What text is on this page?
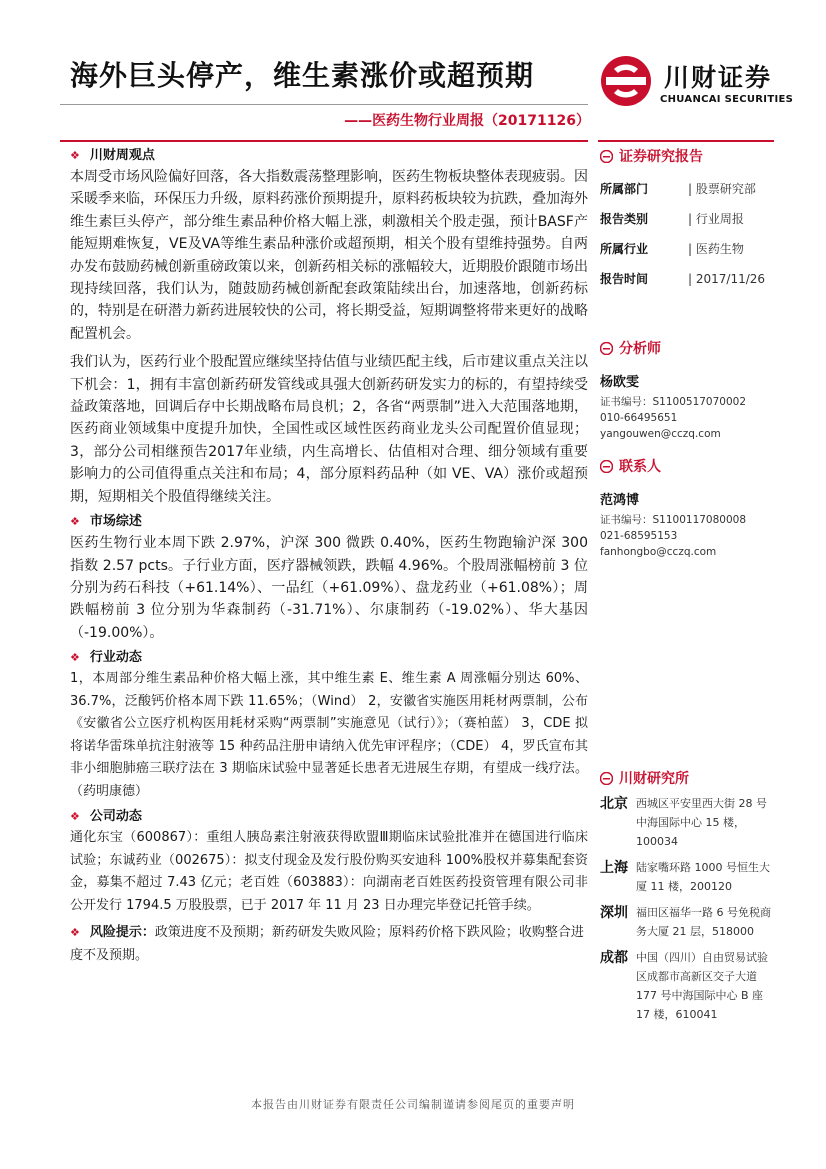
海外巨头停产，维生素涨价或超预期
——医药生物行业周报（20171126）
川财证券
CHUANCAI SECURITIES
❖ 川财周观点

本周受市场风险偏好回落，各大指数震荡整理影响，医药生物板块整体表现疲弱。因采暖季来临，环保压力升级，原料药涨价预期提升，原料药板块较为抗跌，叠加海外维生素巨头停产，部分维生素品种价格大幅上涨，刺激相关个股走强，预计BASF产能短期难恢复，VE及VA等维生素品种涨价或超预期，相关个股有望维持强势。自两办发布鼓励药械创新重磅政策以来，创新药相关标的涨幅较大，近期股价跟随市场出现持续回落，我们认为，随鼓励药械创新配套政策陆续出台，加速落地，创新药标的，特别是在研潜力新药进展较快的公司，将长期受益，短期调整将带来更好的战略配置机会。

我们认为，医药行业个股配置应继续坚持估值与业绩匹配主线，后市建议重点关注以下机会：1，拥有丰富创新药研发管线或具强大创新药研发实力的标的，有望持续受益政策落地，回调后存中长期战略布局良机；2，各省“两票制”进入大范围落地期，医药商业领域集中度提升加快，全国性或区域性医药商业龙头公司配置价值显现；3，部分公司相继预告2017年业绩，内生高增长、估值相对合理、细分领域有重要影响力的公司值得重点关注和布局；4，部分原料药品种（如 VE、VA）涨价或超预期，短期相关个股值得继续关注。

❖ 市场综述

医药生物行业本周下跌 2.97%，沪深 300 微跌 0.40%，医药生物跑输沪深 300 指数 2.57 pcts。子行业方面，医疗器械领跌，跌幅 4.96%。个股周涨幅榜前 3 位分别为药石科技（+61.14%）、一品红（+61.09%）、盘龙药业（+61.08%）；周跌幅榜前 3 位分别为华森制药（-31.71%）、尔康制药（-19.02%）、华大基因（-19.00%）。

❖ 行业动态

1，本周部分维生素品种价格大幅上涨，其中维生素 E、维生素 A 周涨幅分别达 60%、36.7%，泛酸钙价格本周下跌 11.65%；（Wind） 2，安徽省实施医用耗材两票制，公布《安徽省公立医疗机构医用耗材采购“两票制”实施意见（试行）》；（赛柏蓝） 3，CDE 拟将诺华雷珠单抗注射液等 15 种药品注册申请纳入优先审评程序；（CDE） 4，罗氏宣布其非小细胞肺癌三联疗法在 3 期临床试验中显著延长患者无进展生存期，有望成一线疗法。（药明康德）

❖ 公司动态

通化东宝（600867）：重组人胰岛素注射液获得欧盟Ⅲ期临床试验批准并在德国进行临床试验；东诚药业（002675）：拟支付现金及发行股份购买安迪科 100%股权并募集配套资金，募集不超过 7.43 亿元；老百姓（603883）：向湖南老百姓医药投资管理有限公司非公开发行 1794.5 万股股票，已于 2017 年 11 月 23 日办理完毕登记托管手续。

❖ 风险提示：政策进度不及预期；新药研发失败风险；原料药价格下跌风险；收购整合进度不及预期。
证券研究报告
所属部门	| 股票研究部
报告类别	| 行业周报
所属行业	| 医药生物
报告时间	| 2017/11/26
分析师
杨欧雯
证书编号：S1100517070002
010-66495651
yangouwen@cczq.com
联系人
范鸿博
证书编号：S1100117080008
021-68595153
fanhongbo@cczq.com
川财研究所
北京 西城区平安里西大街 28 号中海国际中心 15 楼，100034
上海 陆家嘴环路 1000 号恒生大厦 11 楼，200120
深圳 福田区福华一路 6 号免税商务大厦 21 层，518000
成都 中国（四川）自由贸易试验区成都市高新区交子大道 177 号中海国际中心 B 座 17 楼，610041
本报告由川财证券有限责任公司编制谨请参阅尾页的重要声明
